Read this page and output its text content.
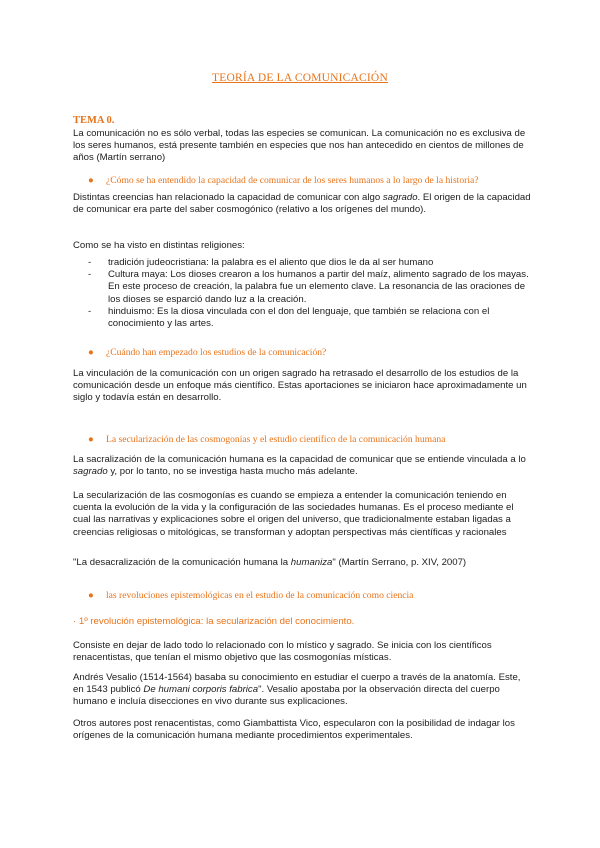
TEORÍA DE LA COMUNICACIÓN
TEMA 0.

La comunicación no es sólo verbal, todas las especies se comunican. La comunicación no es exclusiva de los seres humanos, está presente también en especies que nos han antecedido en cientos de millones de años (Martín serrano)

● ¿Cómo se ha entendido la capacidad de comunicar de los seres humanos a lo largo de la historia?

Distintas creencias han relacionado la capacidad de comunicar con algo sagrado. El origen de la capacidad de comunicar era parte del saber cosmogónico (relativo a los orígenes del mundo).

Como se ha visto en distintas religiones:

- tradición judeocristiana: la palabra es el aliento que dios le da al ser humano
- Cultura maya: Los dioses crearon a los humanos a partir del maíz, alimento sagrado de los mayas. En este proceso de creación, la palabra fue un elemento clave. La resonancia de las oraciones de los dioses se esparció dando luz a la creación.
- hinduismo: Es la diosa vinculada con el don del lenguaje, que también se relaciona con el conocimiento y las artes.
● ¿Cuándo han empezado los estudios de la comunicación?

La vinculación de la comunicación con un origen sagrado ha retrasado el desarrollo de los estudios de la comunicación desde un enfoque más científico. Estas aportaciones se iniciaron hace aproximadamente un siglo y todavía están en desarrollo.

● La secularización de las cosmogonías y el estudio científico de la comunicación humana

La sacralización de la comunicación humana es la capacidad de comunicar que se entiende vinculada a lo sagrado y, por lo tanto, no se investiga hasta mucho más adelante.

La secularización de las cosmogonías es cuando se empieza a entender la comunicación teniendo en cuenta la evolución de la vida y la configuración de las sociedades humanas. Es el proceso mediante el cual las narrativas y explicaciones sobre el origen del universo, que tradicionalmente estaban ligadas a creencias religiosas o mitológicas, se transforman y adoptan perspectivas más científicas y racionales

"La desacralización de la comunicación humana la humaniza" (Martín Serrano, p. XIV, 2007)

● las revoluciones epistemológicas en el estudio de la comunicación como ciencia
· 1º revolución epistemológica: la secularización del conocimiento.

Consiste en dejar de lado todo lo relacionado con lo místico y sagrado. Se inicia con los científicos renacentistas, que tenían el mismo objetivo que las cosmogonías místicas.

Andrés Vesalio (1514-1564) basaba su conocimiento en estudiar el cuerpo a través de la anatomía. Este, en 1543 publicó De humani corporis fabrica". Vesalio apostaba por la observación directa del cuerpo humano e incluía disecciones en vivo durante sus explicaciones.

Otros autores post renacentistas, como Giambattista Vico, especularon con la posibilidad de indagar los orígenes de la comunicación humana mediante procedimientos experimentales.
